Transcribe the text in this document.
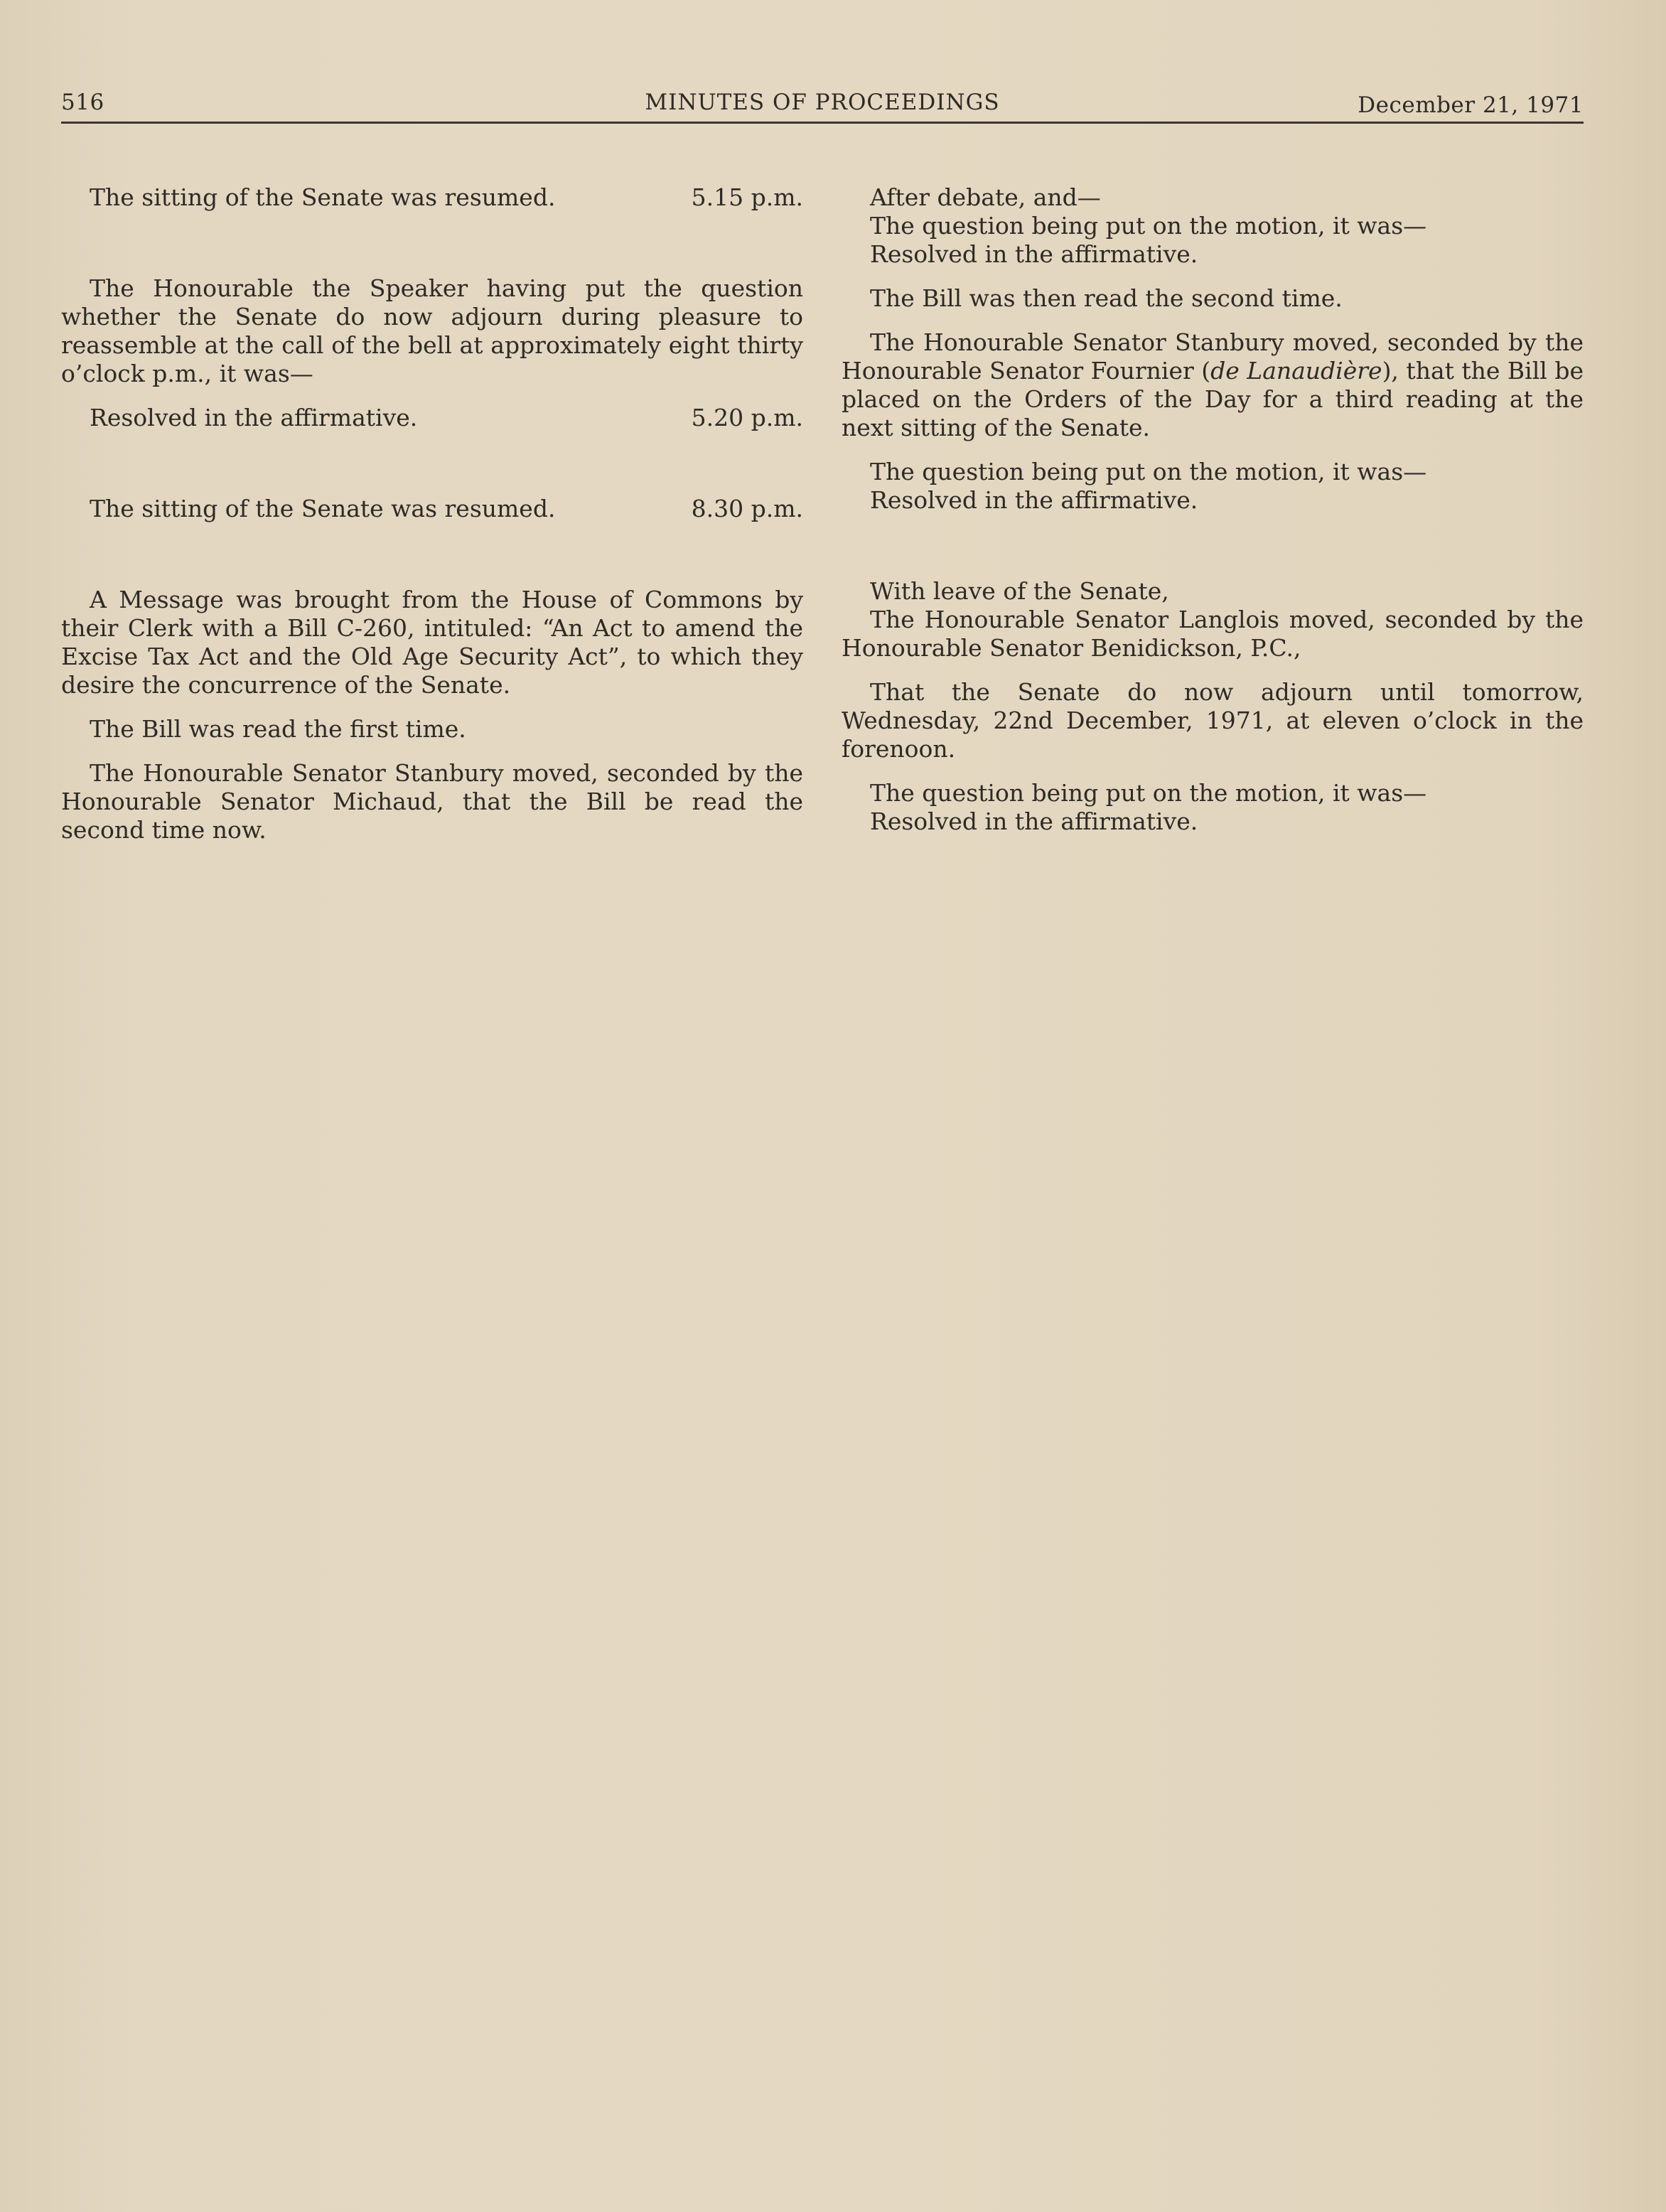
516	MINUTES OF PROCEEDINGS	December 21, 1971
The sitting of the Senate was resumed.	5.15 p.m.

The Honourable the Speaker having put the question whether the Senate do now adjourn during pleasure to reassemble at the call of the bell at approximately eight thirty o’clock p.m., it was—

Resolved in the affirmative.	5.20 p.m.
The sitting of the Senate was resumed.	8.30 p.m.

A Message was brought from the House of Commons by their Clerk with a Bill C-260, intituled: “An Act to amend the Excise Tax Act and the Old Age Security Act”, to which they desire the concurrence of the Senate.

The Bill was read the first time.

The Honourable Senator Stanbury moved, seconded by the Honourable Senator Michaud, that the Bill be read the second time now.

After debate, and—

The question being put on the motion, it was—

Resolved in the affirmative.

The Bill was then read the second time.

The Honourable Senator Stanbury moved, seconded by the Honourable Senator Fournier (de Lanaudière), that the Bill be placed on the Orders of the Day for a third reading at the next sitting of the Senate.

The question being put on the motion, it was—

Resolved in the affirmative.

With leave of the Senate,

The Honourable Senator Langlois moved, seconded by the Honourable Senator Benidickson, P.C.,

That the Senate do now adjourn until tomorrow, Wednesday, 22nd December, 1971, at eleven o’clock in the forenoon.

The question being put on the motion, it was—

Resolved in the affirmative.
